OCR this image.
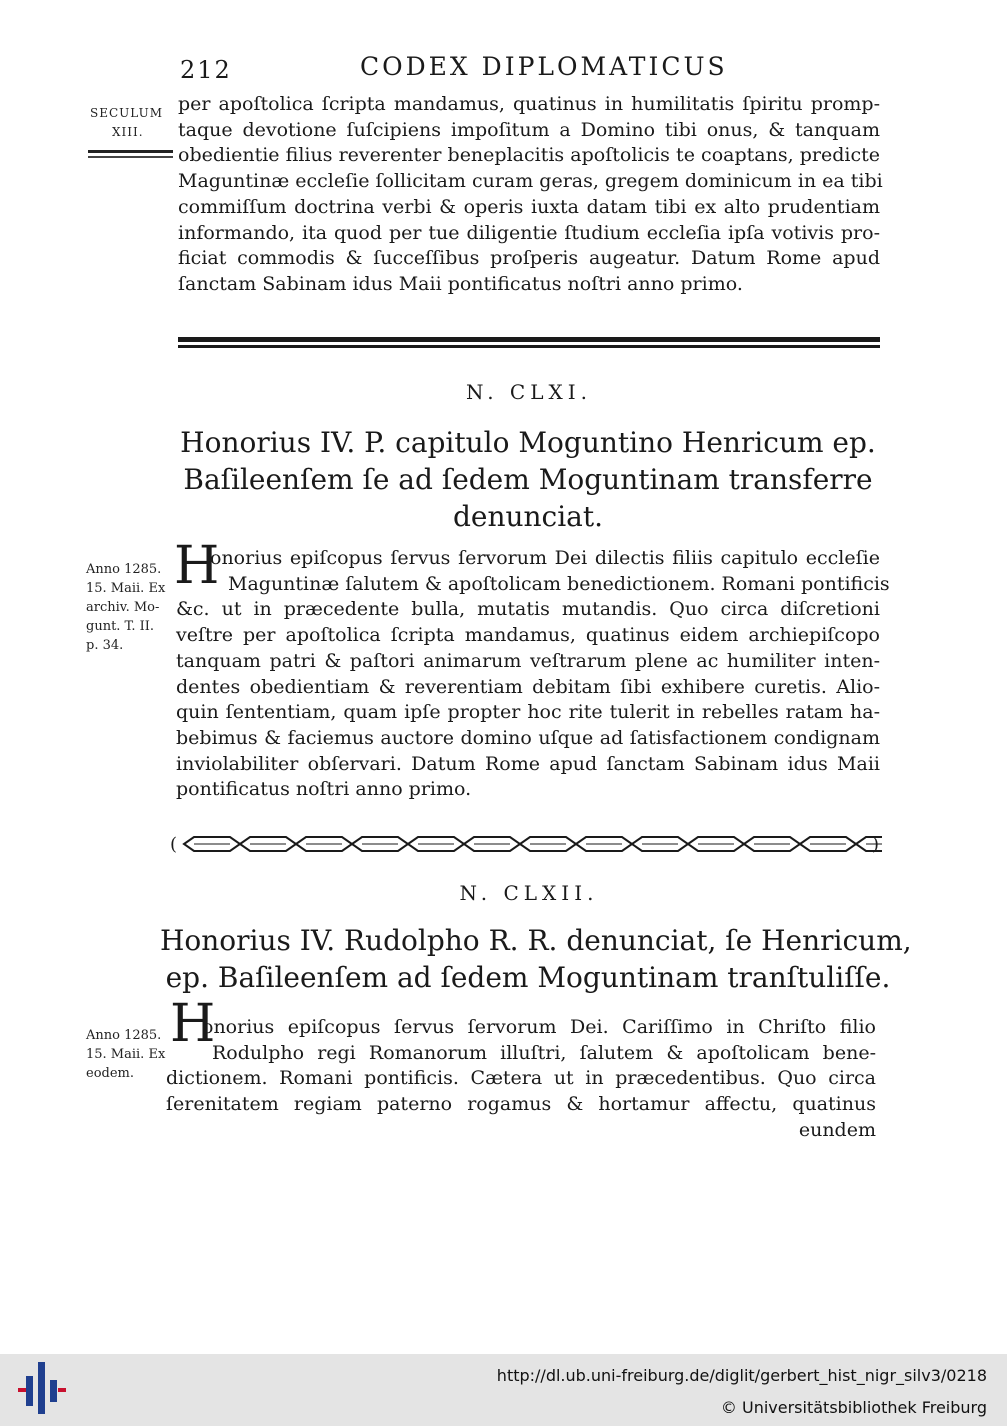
212	CODEX DIPLOMATICUS
SECULUM
XIII.
per apoſtolica ſcripta mandamus, quatinus in humilitatis ſpiritu promp-
taque devotione ſuſcipiens impoſitum a Domino tibi onus, & tanquam
obedientie filius reverenter beneplacitis apoſtolicis te coaptans, predicte
Maguntinæ eccleſie ſollicitam curam geras, gregem dominicum in ea tibi
commiſſum doctrina verbi & operis iuxta datam tibi ex alto prudentiam
informando, ita quod per tue diligentie ſtudium eccleſia ipſa votivis pro-
ficiat commodis & ſucceſſibus proſperis augeatur. Datum Rome apud
ſanctam Sabinam idus Maii pontificatus noſtri anno primo.
N. CLXI.
Honorius IV. P. capitulo Moguntino Henricum ep.
Baſileenſem ſe ad ſedem Moguntinam transferre
denunciat.
Anno 1285.
15. Maii. Ex
archiv. Mo-
gunt. T. II.
p. 34.
H
onorius epiſcopus ſervus ſervorum Dei dilectis filiis capitulo eccleſie
Maguntinæ ſalutem & apoſtolicam benedictionem. Romani pontificis
&c. ut in præcedente bulla, mutatis mutandis. Quo circa diſcretioni
veſtre per apoſtolica ſcripta mandamus, quatinus eidem archiepiſcopo
tanquam patri & paſtori animarum veſtrarum plene ac humiliter inten-
dentes obedientiam & reverentiam debitam ſibi exhibere curetis. Alio-
quin ſententiam, quam ipſe propter hoc rite tulerit in rebelles ratam ha-
bebimus & faciemus auctore domino uſque ad ſatisfactionem condignam
inviolabiliter obſervari. Datum Rome apud ſanctam Sabinam idus Maii
pontificatus noſtri anno primo.
(	)
N. CLXII.
Honorius IV. Rudolpho R. R. denunciat, ſe Henricum,
ep. Baſileenſem ad ſedem Moguntinam tranſtuliſſe.
Anno 1285.
15. Maii. Ex
eodem.
H
onorius epiſcopus ſervus ſervorum Dei. Cariſſimo in Chriſto filio
Rodulpho regi Romanorum illuſtri, ſalutem & apoſtolicam bene-
dictionem. Romani pontificis. Cætera ut in præcedentibus. Quo circa
ſerenitatem regiam paterno rogamus & hortamur affectu, quatinus
eundem
http://dl.ub.uni-freiburg.de/diglit/gerbert_hist_nigr_silv3/0218
© Universitätsbibliothek Freiburg
